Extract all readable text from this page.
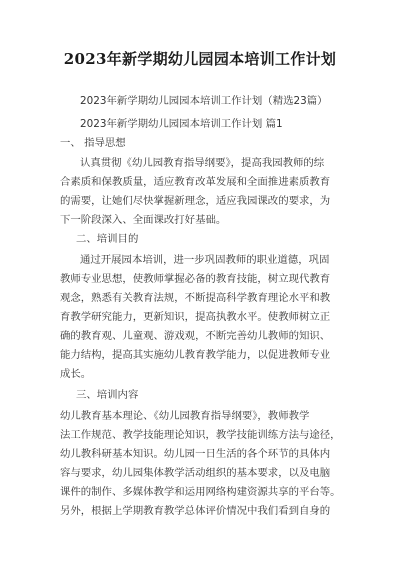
2023年新学期幼儿园园本培训工作计划
2023年新学期幼儿园园本培训工作计划（精选23篇）
2023年新学期幼儿园园本培训工作计划 篇1
一、 指导思想
认真贯彻《幼儿园教育指导纲要》，提高我园教师的综
合素质和保教质量，适应教育改革发展和全面推进素质教育
的需要，让她们尽快掌握新理念，适应我园课改的要求，为
下一阶段深入、全面课改打好基础。
二、培训目的
通过开展园本培训，进一步巩固教师的职业道德，巩固
教师专业思想，使教师掌握必备的教育技能，树立现代教育
观念，熟悉有关教育法规，不断提高科学教育理论水平和教
育教学研究能力，更新知识，提高执教水平。使教师树立正
确的教育观、儿童观、游戏观，不断完善幼儿教师的知识、
能力结构，提高其实施幼儿教育教学能力，以促进教师专业
成长。
三、培训内容
幼儿教育基本理论、《幼儿园教育指导纲要》，教师教学
法工作规范、教学技能理论知识，教学技能训练方法与途径，
幼儿教科研基本知识。幼儿园一日生活的各个环节的具体内
容与要求，幼儿园集体教学活动组织的基本要求，以及电脑
课件的制作、多媒体教学和运用网络构建资源共享的平台等。
另外，根据上学期教育教学总体评价情况中我们看到自身的
